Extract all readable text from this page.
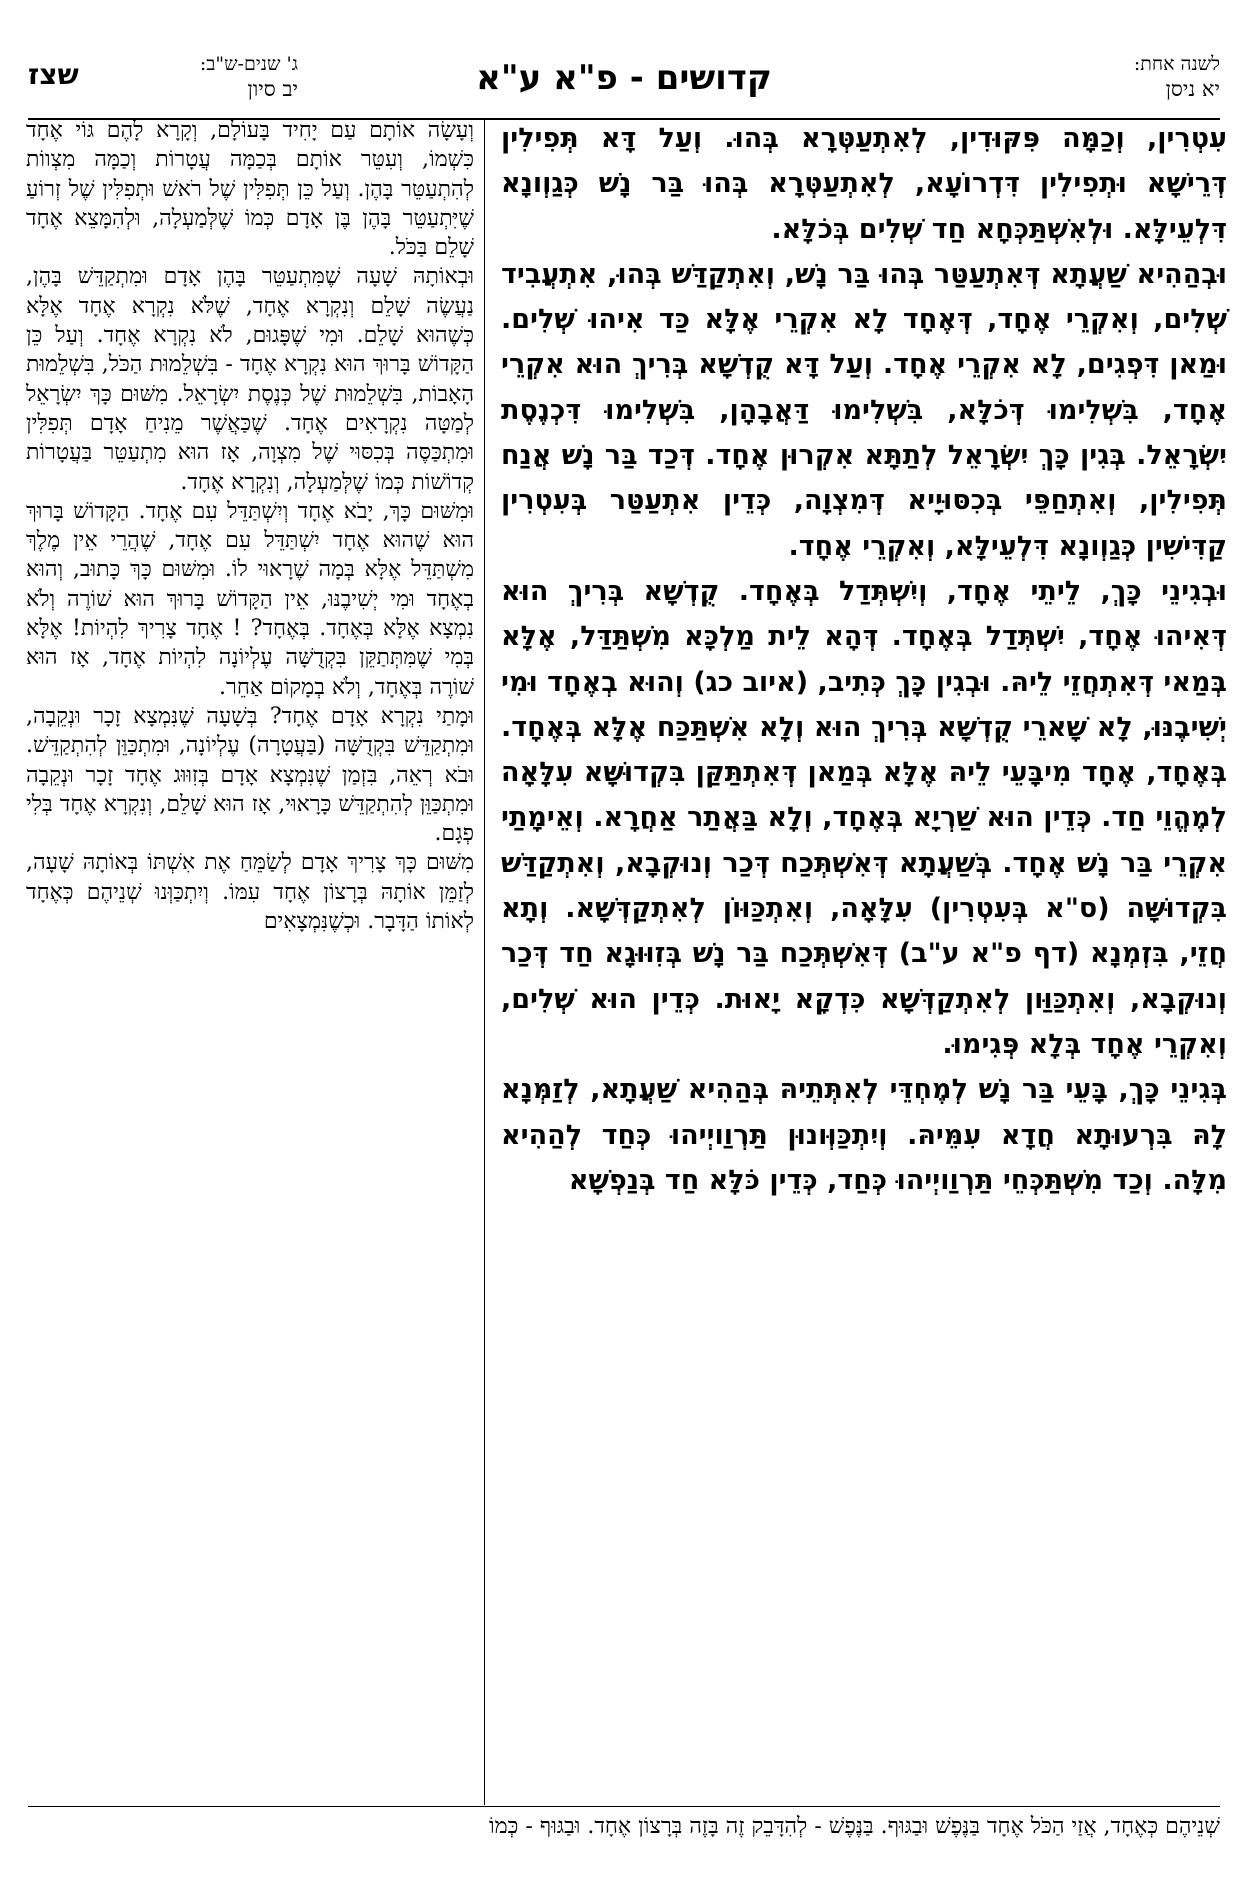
לשנה אחת:
יא ניסן
קדושים - פ"א ע"א
ג' שנים-ש"ב:
יב סיון
שצז

עִטְרִין, וְכַמָּה פִּקּוּדִין, לְאִתְעַטְּרָא בְּהוּ. וְעַל דָּא תְּפִילִין דְּרֵישָׁא וּתְפִילִין דִּדְרוֹעָא, לְאִתְעַטְּרָא בְּהוּ בַּר נָשׁ כְּגַוְונָא דִּלְעֵילָּא. וּלְאִשְׁתַּכְּחָא חַד שְׁלִים בְּכֹלָּא.

וּבְהַהִיא שַׁעֲתָא דְּאִתְעַטַּר בְּהוּ בַּר נָשׁ, וְאִתְקַדַּשׁ בְּהוּ, אִתְעֲבִיד שְׁלִים, וְאִקְרֵי אֶחָד, דְּאֶחָד לָא אִקְרֵי אֶלָּא כַּד אִיהוּ שְׁלִים. וּמַאן דִּפְגִים, לָא אִקְרֵי אֶחָד. וְעַל דָּא קֻדְשָׁא בְּרִיךְ הוּא אִקְרֵי אֶחָד, בִּשְׁלִימוּ דְּכֹלָּא, בִּשְׁלִימוּ דַּאֲבָהָן, בִּשְׁלִימוּ דִּכְנֶסֶת יִשְׂרָאֵל. בְּגִין כָּךְ יִשְׂרָאֵל לְתַתָּא אִקְרוּן אֶחָד. דְּכַד בַּר נָשׁ אֲנַח תְּפִילִין, וְאִתְחַפֵּי בְּכִסּוּיָיא דְּמִצְוָה, כְּדֵין אִתְעַטַּר בְּעִטְרִין קַדִּישִׁין כְּגַוְונָא דִּלְעֵילָּא, וְאִקְרֵי אֶחָד.

וּבְגִינֵי כָּךְ, לֵיתֵי אֶחָד, וְיִשְׁתְּדַל בְּאֶחָד. קֻדְשָׁא בְּרִיךְ הוּא דְּאִיהוּ אֶחָד, יִשְׁתְּדַל בְּאֶחָד. דְּהָא לֵית מַלְכָּא מִשְׁתַּדַּל, אֶלָּא בְּמַאי דְּאִתְחֲזֵי לֵיהּ. וּבְגִין כָּךְ כְּתִיב, (איוב כג) וְהוּא בְאֶחָד וּמִי יְשִׁיבֶנּוּ, לָא שָׁארֵי קֻדְשָׁא בְּרִיךְ הוּא וְלָא אִשְׁתַּכַּח אֶלָּא בְּאֶחָד. בְּאֶחָד, אֶחָד מִיבָּעֵי לֵיהּ אֶלָּא בְּמַאן דְּאִתְתַּקַּן בִּקְדוּשָּׁא עִלָּאָה לְמֶהֱוֵי חַד. כְּדֵין הוּא שַׁרְיָא בְּאֶחָד, וְלָא בַּאֲתַר אַחֲרָא. וְאֵימָתַי אִקְרֵי בַּר נָשׁ אֶחָד. בְּשַׁעֲתָא דְּאִשְׁתְּכַח דְּכַר וְנוּקְבָא, וְאִתְקַדַּשׁ בִּקְדוּשָּׁה (ס"א בְּעִטְרִין) עִלָּאָה, וְאִתְכַּוּוֹן לְאִתְקַדְּשָׁא. וְתָא חֲזֵי, בִּזְמְנָא (דף פ"א ע"ב) דְּאִשְׁתְּכַח בַּר נָשׁ בְּזִוּוּגָא חַד דְּכַר וְנוּקְבָא, וְאִתְכַּוַּון לְאִתְקַדְּשָׁא כִּדְקָא יָאוּת. כְּדֵין הוּא שְׁלִים, וְאִקְרֵי אֶחָד בְּלָא פְּגִימוּ.

בְּגִינֵי כָּךְ, בָּעֵי בַּר נָשׁ לְמֶחְדֵּי לְאִתְּתֵיהּ בְּהַהִיא שַׁעֲתָא, לְזַמְּנָא לָהּ בִּרְעוּתָא חֲדָא עִמֵּיהּ. וְיִתְכַּוְּונוּן תַּרְוַויְיהוּ כְּחַד לְהַהִיא מִלָּה. וְכַד מִשְׁתַּכְּחֵי תַּרְוַויְיהוּ כְּחַד, כְּדֵין כֹּלָּא חַד בְּנַפְשָׁא

וְעָשָׂה אוֹתָם עַם יָחִיד בָּעוֹלָם, וְקָרָא לָהֶם גּוֹי אֶחָד כִּשְׁמוֹ, וְעִטֵּר אוֹתָם בְּכַמָּה עֲטָרוֹת וְכַמָּה מִצְווֹת לְהִתְעַטֵּר בָּהֶן. וְעַל כֵּן תְּפִלִּין שֶׁל רֹאשׁ וּתְפִלִּין שֶׁל זְרוֹעַ שֶׁיִּתְעַטֵּר בָּהֶן בֶּן אָדָם כְּמוֹ שֶׁלְּמַעְלָה, וּלְהִמָּצֵא אֶחָד שָׁלֵם בַּכֹּל.

וּבְאוֹתָהּ שָׁעָה שֶׁמִּתְעַטֵּר בָּהֶן אָדָם וּמִתְקַדֵּשׁ בָּהֶן, נַעֲשֶׂה שָׁלֵם וְנִקְרָא אֶחָד, שֶׁלֹּא נִקְרָא אֶחָד אֶלָּא כְּשֶׁהוּא שָׁלֵם. וּמִי שֶׁפָּגוּם, לֹא נִקְרָא אֶחָד. וְעַל כֵּן הַקָּדוֹשׁ בָּרוּךְ הוּא נִקְרָא אֶחָד - בִּשְׁלֵמוּת הַכֹּל, בִּשְׁלֵמוּת הָאָבוֹת, בִּשְׁלֵמוּת שֶׁל כְּנֶסֶת יִשְׂרָאֵל. מִשּׁוּם כָּךְ יִשְׂרָאֵל לְמַטָּה נִקְרָאִים אֶחָד. שֶׁכַּאֲשֶׁר מֵנִיחַ אָדָם תְּפִלִּין וּמִתְכַּסֶּה בְּכִסּוּי שֶׁל מִצְוָה, אָז הוּא מִתְעַטֵּר בַּעֲטָרוֹת קְדוֹשׁוֹת כְּמוֹ שֶׁלְּמַעְלָה, וְנִקְרָא אֶחָד.

וּמִשּׁוּם כָּךְ, יָבֹא אֶחָד וְיִשְׁתַּדֵּל עִם אֶחָד. הַקָּדוֹשׁ בָּרוּךְ הוּא שֶׁהוּא אֶחָד יִשְׁתַּדֵּל עִם אֶחָד, שֶׁהֲרֵי אֵין מֶלֶךְ מִשְׁתַּדֵּל אֶלָּא בְּמָה שֶׁרָאוּי לוֹ. וּמִשּׁוּם כָּךְ כָּתוּב, וְהוּא בְאֶחָד וּמִי יְשִׁיבֶנּוּ, אֵין הַקָּדוֹשׁ בָּרוּךְ הוּא שׁוֹרֶה וְלֹא נִמְצָא אֶלָּא בְּאֶחָד. בְּאֶחָד? ! אֶחָד צָרִיךְ לִהְיוֹת! אֶלָּא בְּמִי שֶׁמִּתְּתַקֵּן בִּקְדֻשָּׁה עֶלְיוֹנָה לִהְיוֹת אֶחָד, אָז הוּא שׁוֹרֶה בְּאֶחָד, וְלֹא בְמָקוֹם אַחֵר.

וּמָתַי נִקְרָא אָדָם אֶחָד? בְּשָׁעָה שֶׁנִּמְצָא זָכָר וּנְקֵבָה, וּמִתְקַדֵּשׁ בִּקְדֻשָּׁה (בַּעֲטָרָה) עֶלְיוֹנָה, וּמִתְכַּוֵּן לְהִתְקַדֵּשׁ. וּבֹא רְאֵה, בִּזְמַן שֶׁנִּמְצָא אָדָם בְּזִוּוּג אֶחָד זָכָר וּנְקֵבָה וּמִתְכַּוֵּן לְהִתְקַדֵּשׁ כָּרָאוּי, אָז הוּא שָׁלֵם, וְנִקְרָא אֶחָד בְּלִי פְגָם.

מִשּׁוּם כָּךְ צָרִיךְ אָדָם לְשַׂמֵּחַ אֶת אִשְׁתּוֹ בְּאוֹתָהּ שָׁעָה, לְזַמֵּן אוֹתָהּ בְּרָצוֹן אֶחָד עִמּוֹ. וְיִתְכַּוְּנוּ שְׁנֵיהֶם כְּאֶחָד לְאוֹתוֹ הַדָּבָר. וּכְשֶׁנִּמְצָאִים

שְׁנֵיהֶם כְּאֶחָד, אֲזַי הַכֹּל אֶחָד בַּנֶּפֶשׁ וּבַגּוּף. בַּנֶּפֶשׁ - לְהִדָּבֵק זֶה בָּזֶה בְּרָצוֹן אֶחָד. וּבַגּוּף - כְּמוֹ
